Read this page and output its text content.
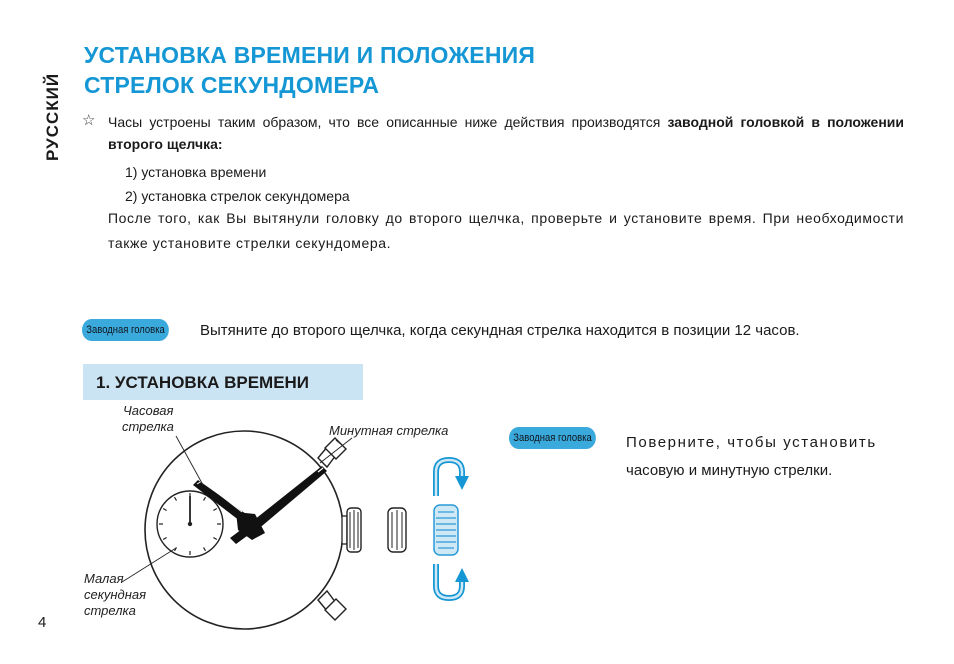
РУССКИЙ
УСТАНОВКА ВРЕМЕНИ И ПОЛОЖЕНИЯ
СТРЕЛОК СЕКУНДОМЕРА
☆ Часы устроены таким образом, что все описанные ниже действия производятся заводной головкой в положении второго щелчка:

1) установка времени
2) установка стрелок секундомера

После того, как Вы вытянули головку до второго щелчка, проверьте и установите время. При необходимости также установите стрелки секундомера.

Заводная головка Вытяните до второго щелчка, когда секундная стрелка находится в позиции 12 часов.
1. УСТАНОВКА ВРЕМЕНИ
Часовая
стрелка	Минутная стрелка
Малая
секундная
стрелка
Заводная головка Поверните, чтобы установить
часовую и минутную стрелки.

4
